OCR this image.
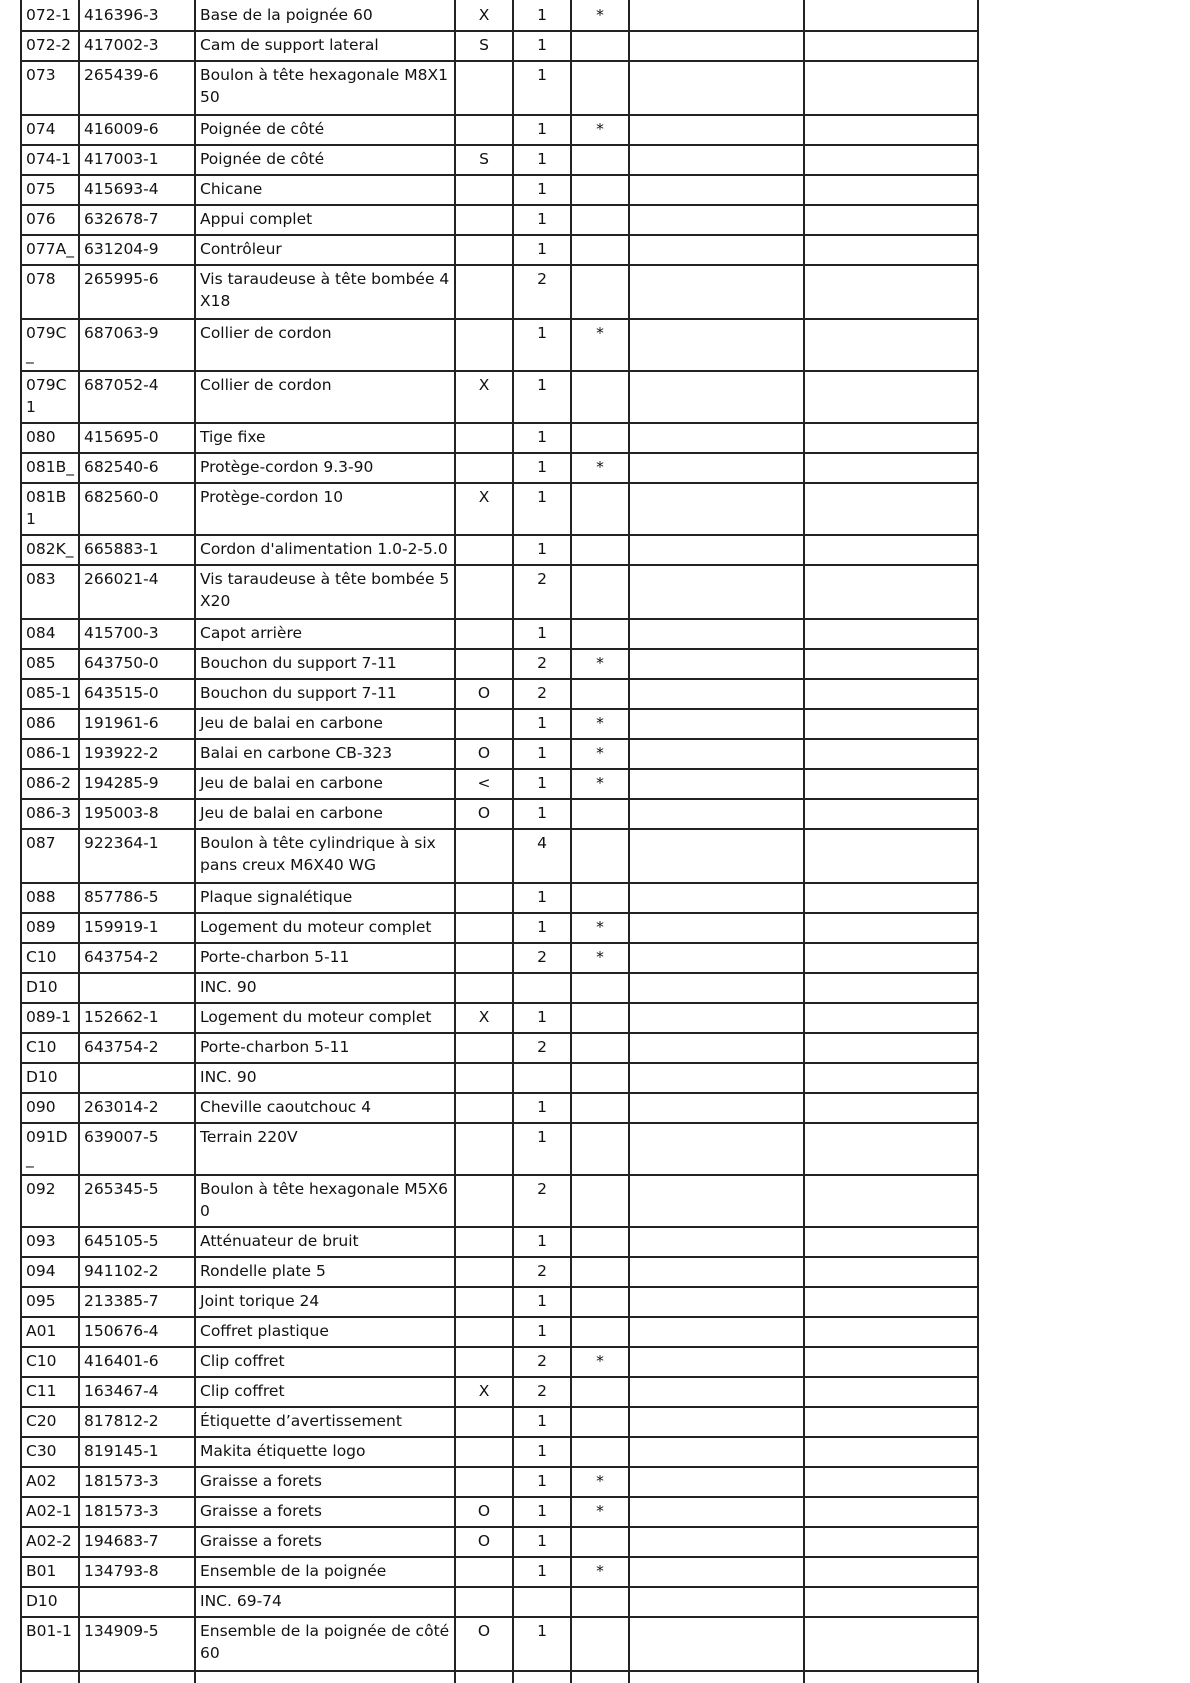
072-1	416396-3	Base de la poignée 60	X	1	*		
072-2	417002-3	Cam de support lateral	S	1			
073	265439-6	Boulon à tête hexagonale M8X150		1			
074	416009-6	Poignée de côté		1	*		
074-1	417003-1	Poignée de côté	S	1			
075	415693-4	Chicane		1			
076	632678-7	Appui complet		1			
077A_	631204-9	Contrôleur		1			
078	265995-6	Vis taraudeuse à tête bombée 4X18		2			
079C_	687063-9	Collier de cordon		1	*		
079C1	687052-4	Collier de cordon	X	1			
080	415695-0	Tige fixe		1			
081B_	682540-6	Protège-cordon 9.3-90		1	*		
081B1	682560-0	Protège-cordon 10	X	1			
082K_	665883-1	Cordon d'alimentation 1.0-2-5.0		1			
083	266021-4	Vis taraudeuse à tête bombée 5X20		2			
084	415700-3	Capot arrière		1			
085	643750-0	Bouchon du support 7-11		2	*		
085-1	643515-0	Bouchon du support 7-11	O	2			
086	191961-6	Jeu de balai en carbone		1	*		
086-1	193922-2	Balai en carbone CB-323	O	1	*		
086-2	194285-9	Jeu de balai en carbone	<	1	*		
086-3	195003-8	Jeu de balai en carbone	O	1			
087	922364-1	Boulon à tête cylindrique à six pans creux M6X40 WG		4			
088	857786-5	Plaque signalétique		1			
089	159919-1	Logement du moteur complet		1	*		
C10	643754-2	Porte-charbon 5-11		2	*		
D10		INC. 90					
089-1	152662-1	Logement du moteur complet	X	1			
C10	643754-2	Porte-charbon 5-11		2			
D10		INC. 90					
090	263014-2	Cheville caoutchouc 4		1			
091D_	639007-5	Terrain 220V		1			
092	265345-5	Boulon à tête hexagonale M5X60		2			
093	645105-5	Atténuateur de bruit		1			
094	941102-2	Rondelle plate 5		2			
095	213385-7	Joint torique 24		1			
A01	150676-4	Coffret plastique		1			
C10	416401-6	Clip coffret		2	*		
C11	163467-4	Clip coffret	X	2			
C20	817812-2	Étiquette d’avertissement		1			
C30	819145-1	Makita étiquette logo		1			
A02	181573-3	Graisse a forets		1	*		
A02-1	181573-3	Graisse a forets	O	1	*		
A02-2	194683-7	Graisse a forets	O	1			
B01	134793-8	Ensemble de la poignée		1	*		
D10		INC. 69-74					
B01-1	134909-5	Ensemble de la poignée de côté 60	O	1			
